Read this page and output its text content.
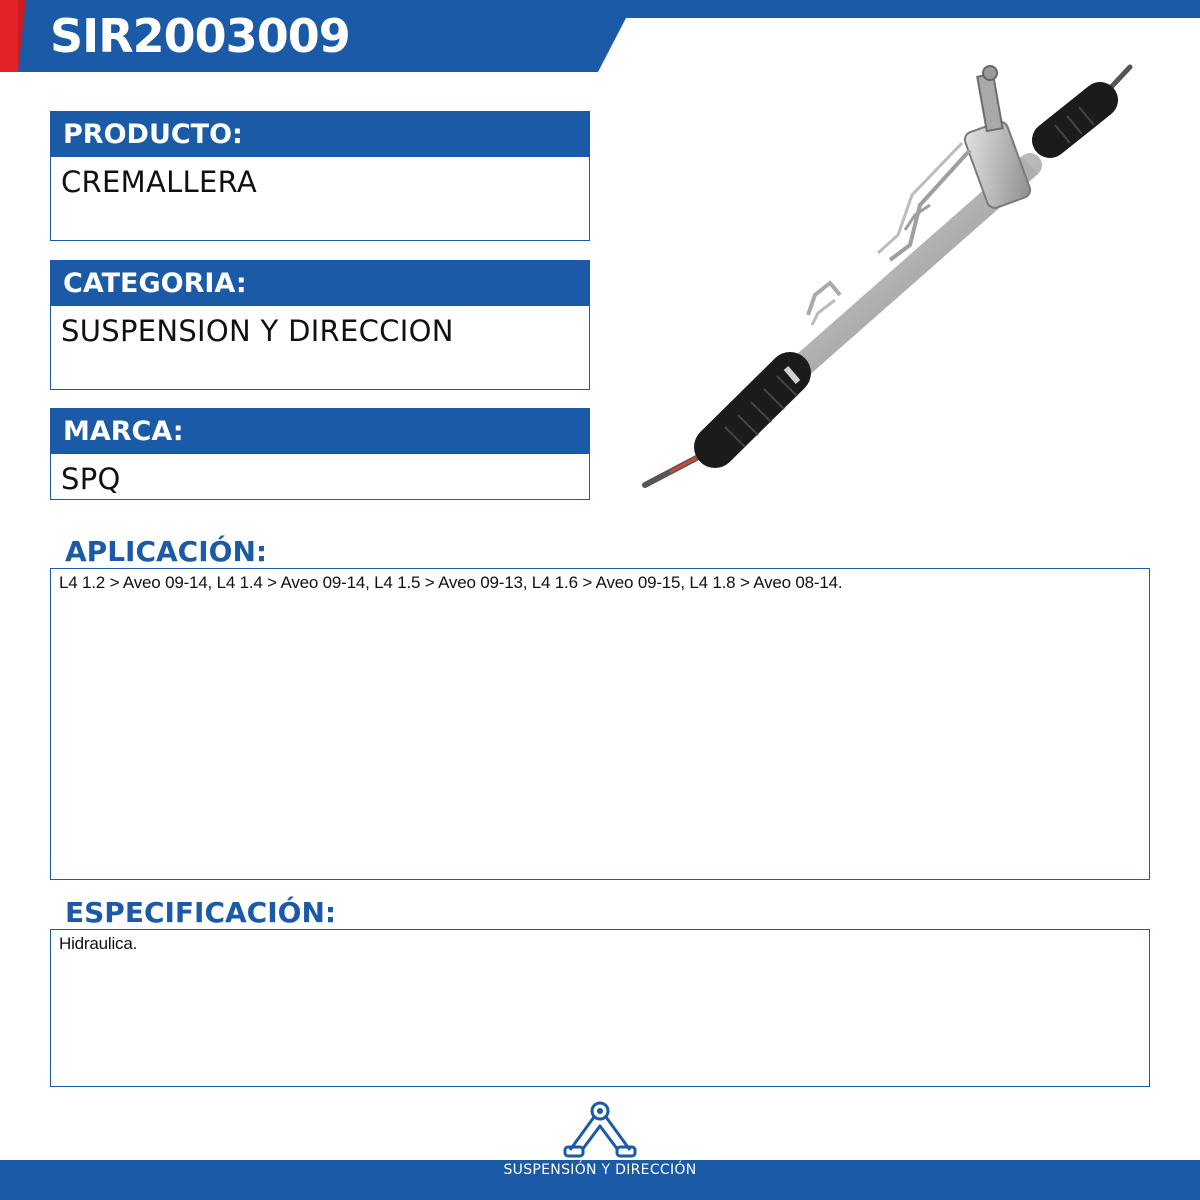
SIR2003009
PRODUCTO:
CREMALLERA
CATEGORIA:
SUSPENSION Y DIRECCION
MARCA:
SPQ
APLICACIÓN:
L4 1.2 > Aveo 09-14, L4 1.4 > Aveo 09-14, L4 1.5 > Aveo 09-13, L4 1.6 > Aveo 09-15, L4 1.8 > Aveo 08-14.
ESPECIFICACIÓN:
Hidraulica.
SUSPENSIÓN Y DIRECCIÓN
